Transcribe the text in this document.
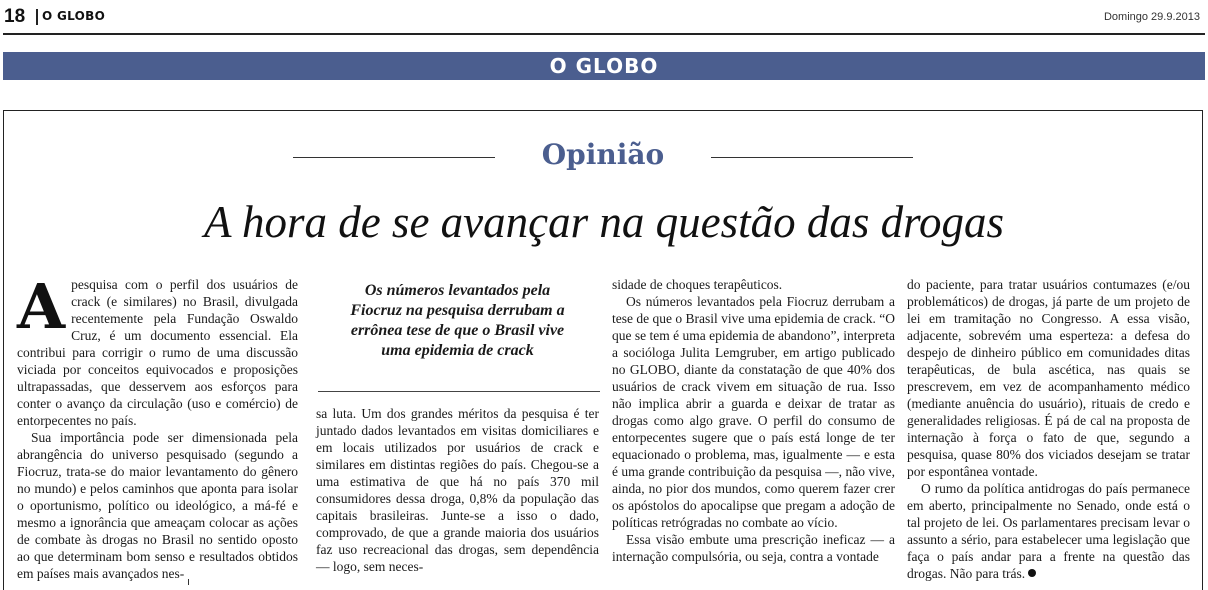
18 O GLOBO	Domingo 29.9.2013
O GLOBO
Opinião
A hora de se avançar na questão das drogas

Apesquisa com o perfil dos usuários de crack (e similares) no Brasil, divulgada recentemente pela Fundação Oswaldo Cruz, é um documento essencial. Ela contribui para corrigir o rumo de uma discussão viciada por conceitos equivocados e proposições ultrapassadas, que desservem aos esforços para conter o avanço da circulação (uso e comércio) de entorpecentes no país.

Sua importância pode ser dimensionada pela abrangência do universo pesquisado (segundo a Fiocruz, trata-se do maior levantamento do gênero no mundo) e pelos caminhos que aponta para isolar o oportunismo, político ou ideológico, a má-fé e mesmo a ignorância que ameaçam colocar as ações de combate às drogas no Brasil no sentido oposto ao que determinam bom senso e resultados obtidos em países mais avançados nes-

Os números levantados pela Fiocruz na pesquisa derrubam a errônea tese de que o Brasil vive uma epidemia de crack

sa luta. Um dos grandes méritos da pesquisa é ter juntado dados levantados em visitas domiciliares e em locais utilizados por usuários de crack e similares em distintas regiões do país. Chegou-se a uma estimativa de que há no país 370 mil consumidores dessa droga, 0,8% da população das capitais brasileiras. Junte-se a isso o dado, comprovado, de que a grande maioria dos usuários faz uso recreacional das drogas, sem dependência — logo, sem neces-

sidade de choques terapêuticos.

Os números levantados pela Fiocruz derrubam a tese de que o Brasil vive uma epidemia de crack. “O que se tem é uma epidemia de abandono”, interpreta a socióloga Julita Lemgruber, em artigo publicado no GLOBO, diante da constatação de que 40% dos usuários de crack vivem em situação de rua. Isso não implica abrir a guarda e deixar de tratar as drogas como algo grave. O perfil do consumo de entorpecentes sugere que o país está longe de ter equacionado o problema, mas, igualmente — e esta é uma grande contribuição da pesquisa —, não vive, ainda, no pior dos mundos, como querem fazer crer os apóstolos do apocalipse que pregam a adoção de políticas retrógradas no combate ao vício.

Essa visão embute uma prescrição ineficaz — a internação compulsória, ou seja, contra a vontade

do paciente, para tratar usuários contumazes (e/ou problemáticos) de drogas, já parte de um projeto de lei em tramitação no Congresso. A essa visão, adjacente, sobrevém uma esperteza: a defesa do despejo de dinheiro público em comunidades ditas terapêuticas, de bula ascética, nas quais se prescrevem, em vez de acompanhamento médico (mediante anuência do usuário), rituais de credo e generalidades religiosas. É pá de cal na proposta de internação à força o fato de que, segundo a pesquisa, quase 80% dos viciados desejam se tratar por espontânea vontade.

O rumo da política antidrogas do país permanece em aberto, principalmente no Senado, onde está o tal projeto de lei. Os parlamentares precisam levar o assunto a sério, para estabelecer uma legislação que faça o país andar para a frente na questão das drogas. Não para trás.
